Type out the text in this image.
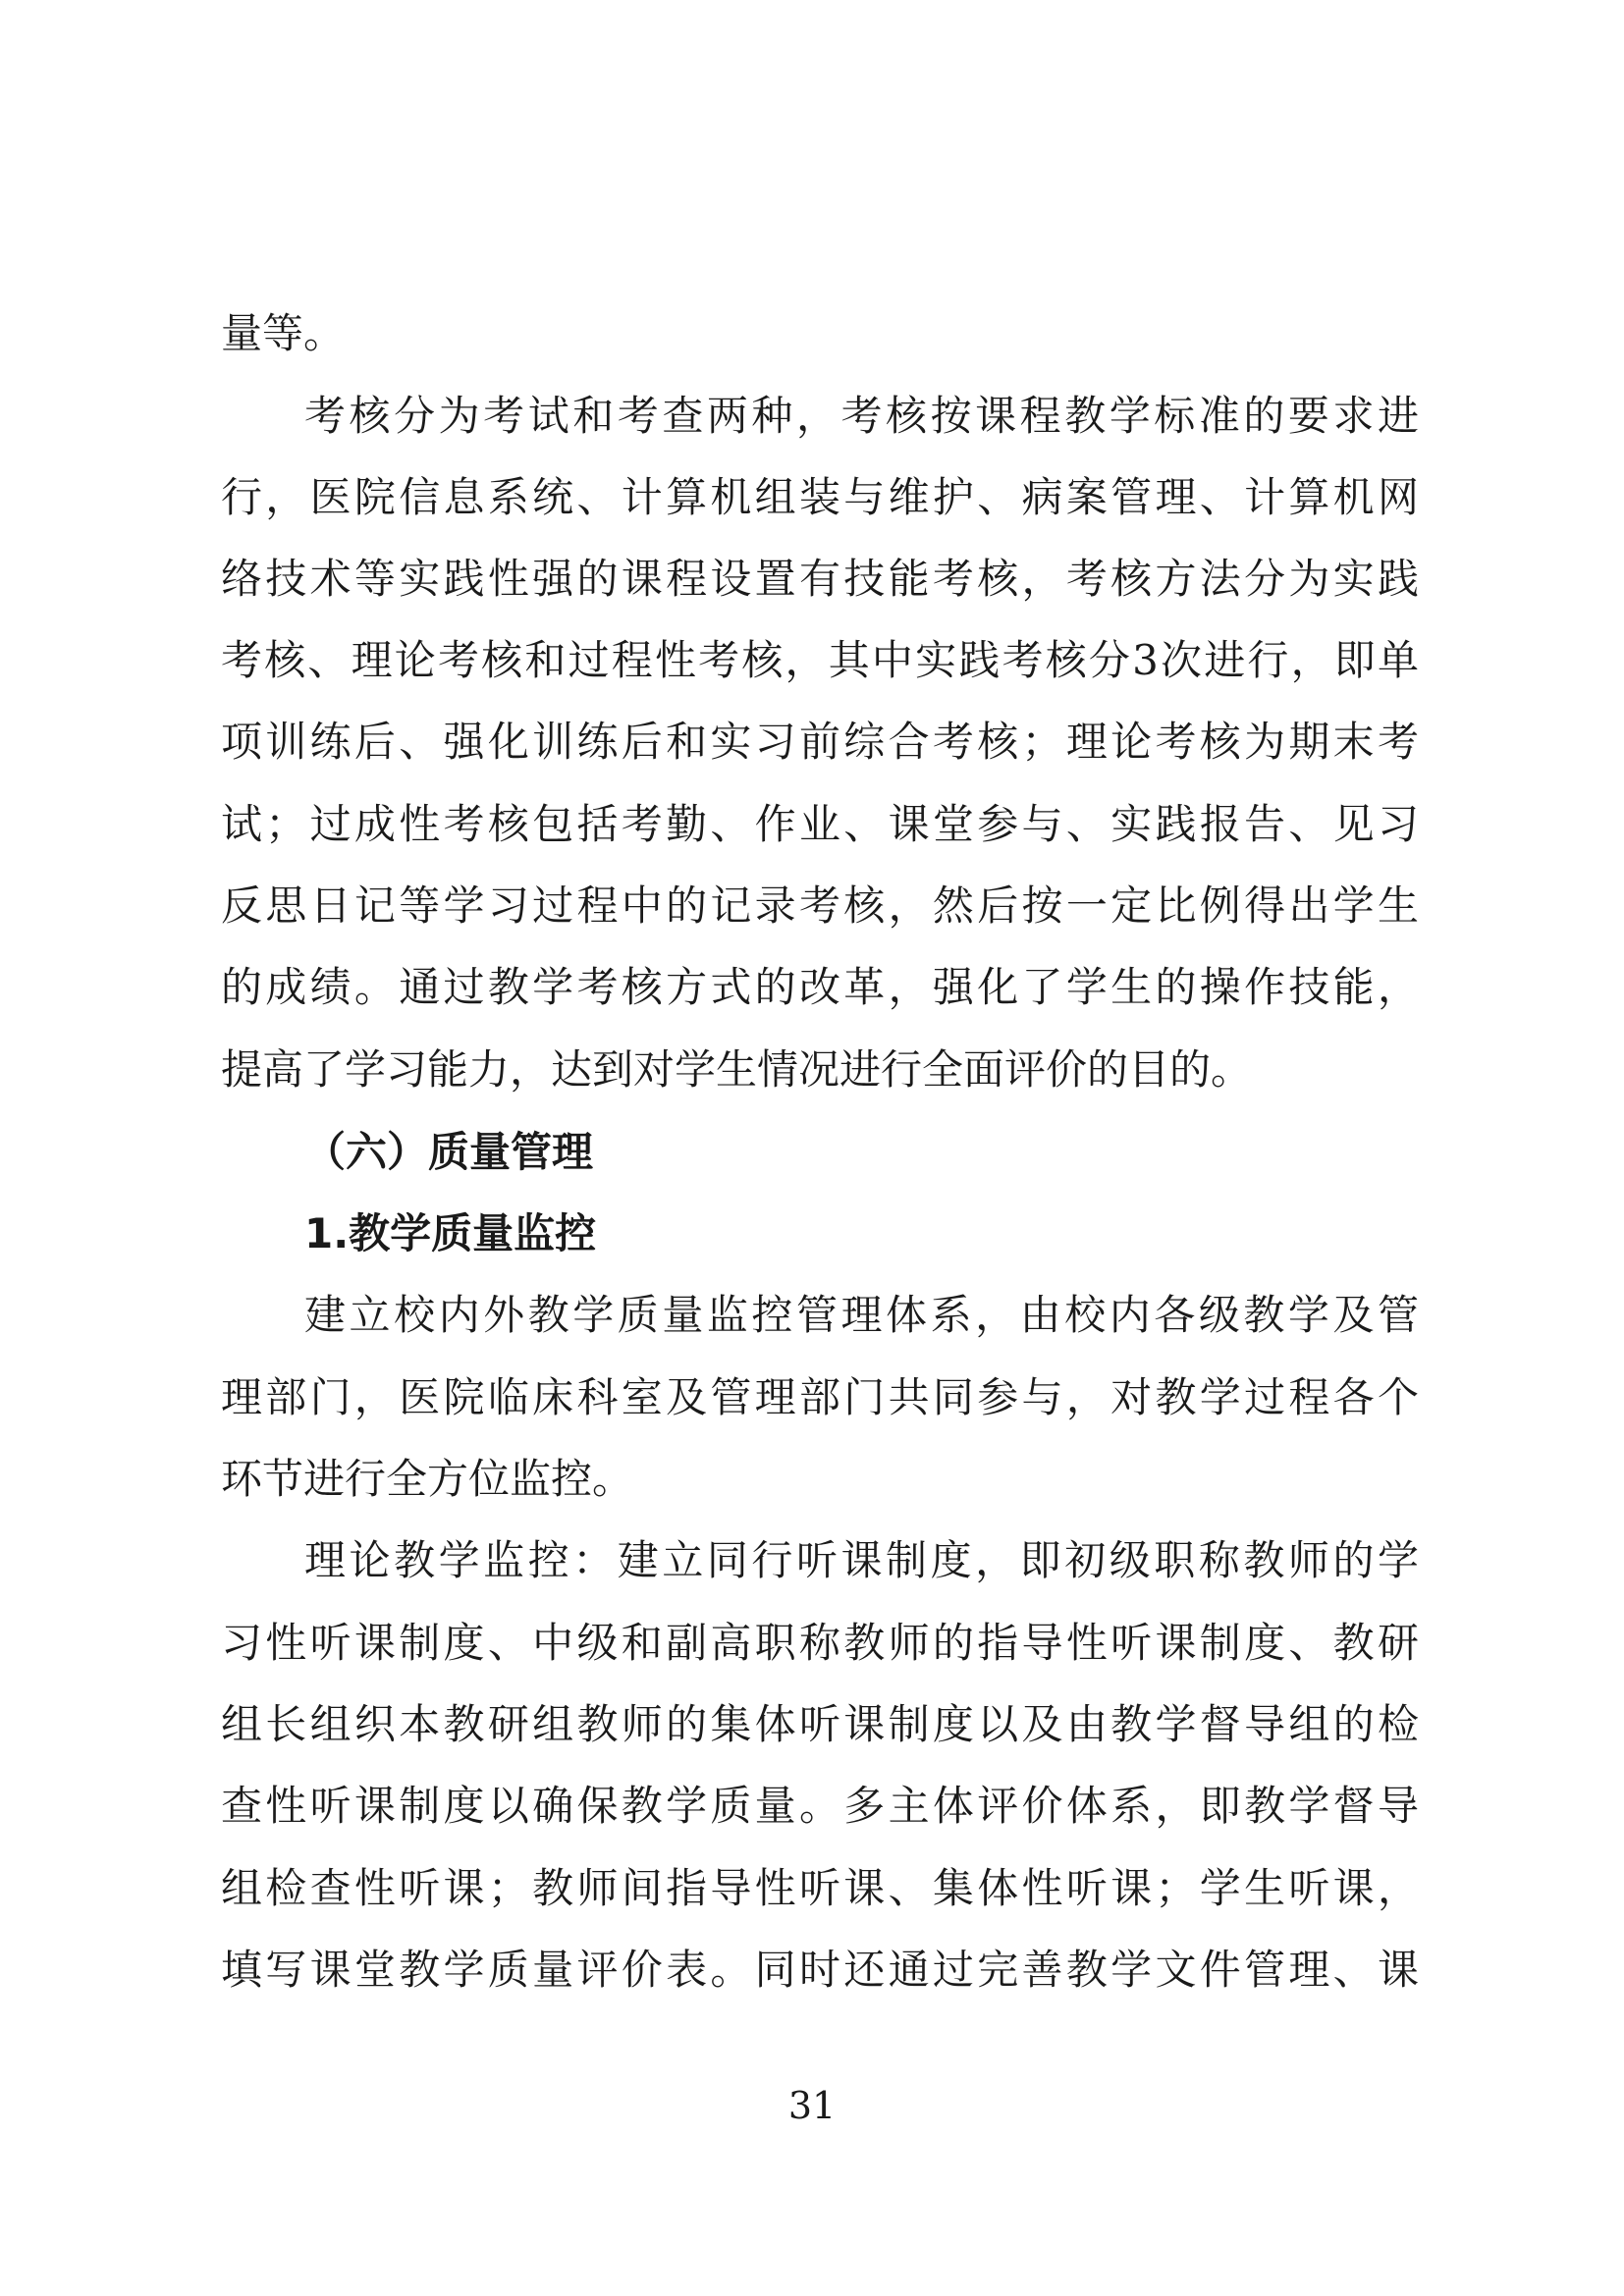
量等。
考核分为考试和考查两种，考核按课程教学标准的要求进
行，医院信息系统、计算机组装与维护、病案管理、计算机网
络技术等实践性强的课程设置有技能考核，考核方法分为实践
考核、理论考核和过程性考核，其中实践考核分3次进行，即单
项训练后、强化训练后和实习前综合考核；理论考核为期末考
试；过成性考核包括考勤、作业、课堂参与、实践报告、见习
反思日记等学习过程中的记录考核，然后按一定比例得出学生
的成绩。通过教学考核方式的改革，强化了学生的操作技能，
提高了学习能力，达到对学生情况进行全面评价的目的。
（六）质量管理
1.教学质量监控
建立校内外教学质量监控管理体系，由校内各级教学及管
理部门，医院临床科室及管理部门共同参与，对教学过程各个
环节进行全方位监控。
理论教学监控：建立同行听课制度，即初级职称教师的学
习性听课制度、中级和副高职称教师的指导性听课制度、教研
组长组织本教研组教师的集体听课制度以及由教学督导组的检
查性听课制度以确保教学质量。多主体评价体系，即教学督导
组检查性听课；教师间指导性听课、集体性听课；学生听课，
填写课堂教学质量评价表。同时还通过完善教学文件管理、课
31
